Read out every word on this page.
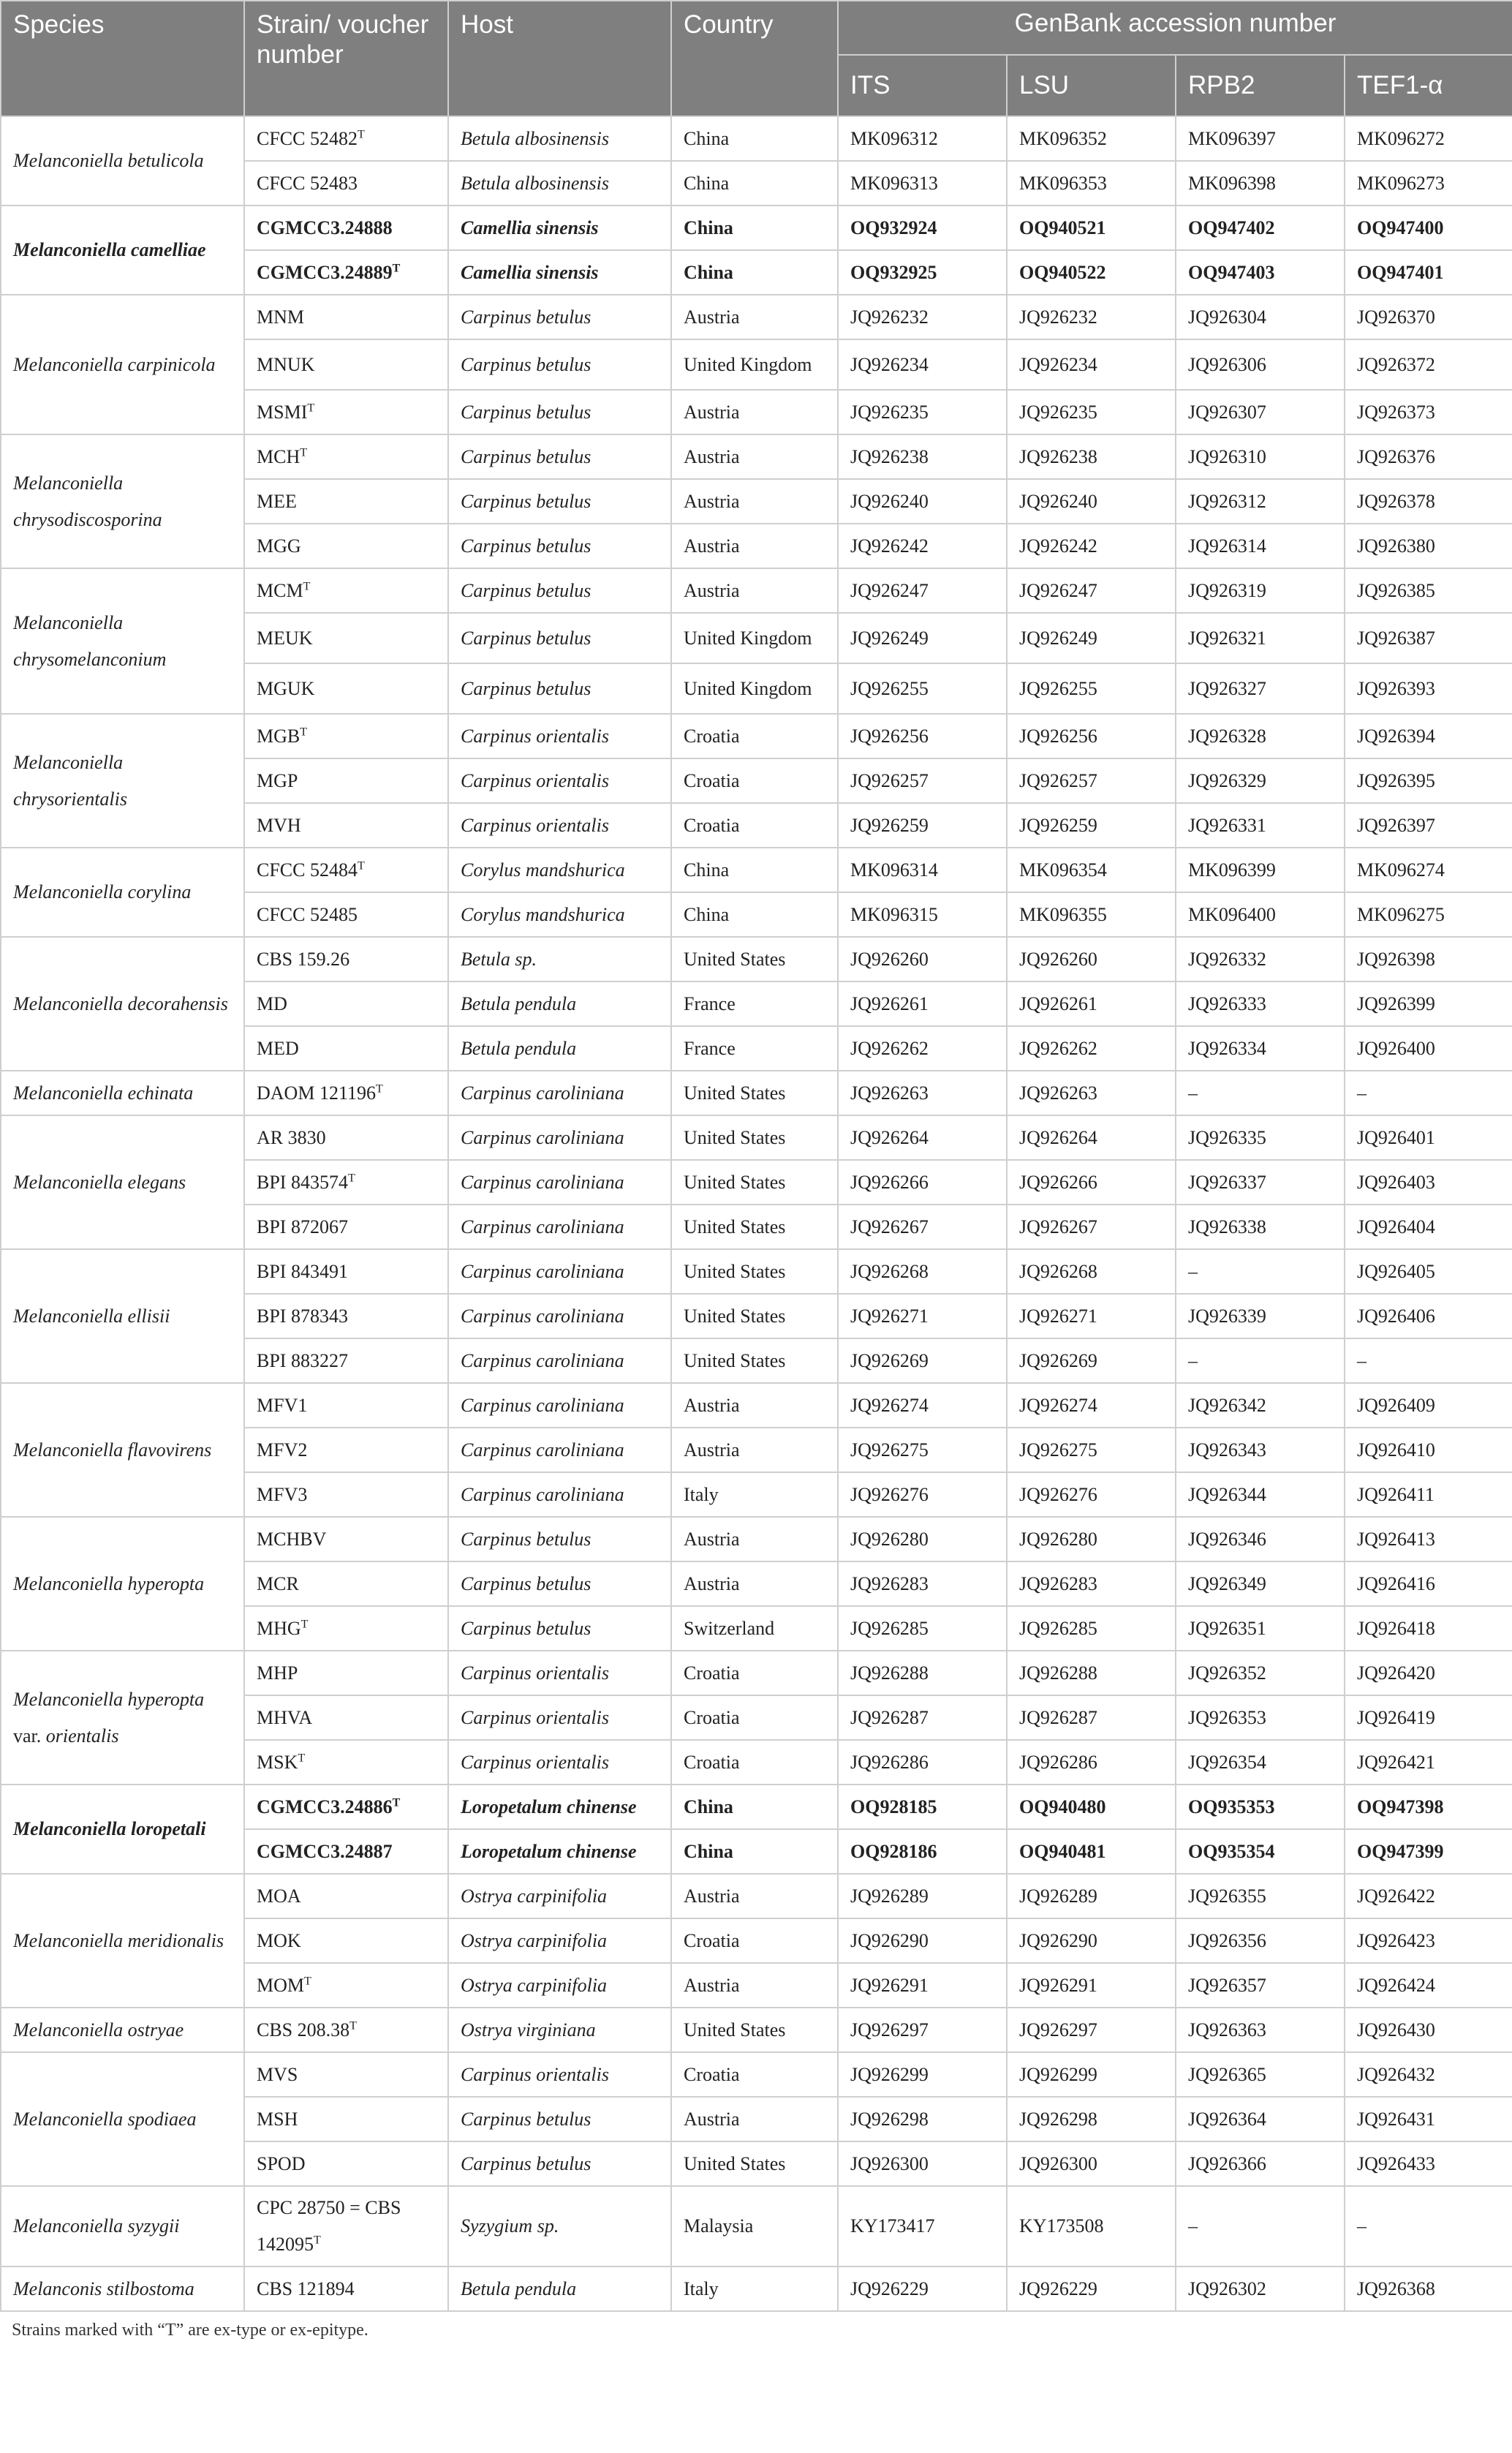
Species	Strain/ voucher number	Host	Country	GenBank accession number			
				ITS	LSU	RPB2	TEF1-α
Melanconiella betulicola	CFCC $52482^T$	Betula albosinensis	China	MK096312	MK096352	MK096397	MK096272
	CFCC 52483	Betula albosinensis	China	MK096313	MK096353	MK096398	MK096273
Melanconiella camelliae	CGMCC3.24888	Camellia sinensis	China	OQ932924	OQ940521	OQ947402	OQ947400
	$CGMCC3.24889^T$	Camellia sinensis	China	OQ932925	OQ940522	OQ947403	OQ947401
Melanconiella carpinicola	MNM	Carpinus betulus	Austria	JQ926232	JQ926232	JQ926304	JQ926370
	MNUK	Carpinus betulus	United Kingdom	JQ926234	JQ926234	JQ926306	JQ926372
	$MSMI^T$	Carpinus betulus	Austria	JQ926235	JQ926235	JQ926307	JQ926373
Melanconiella chrysodiscosporina	$MCH^T$	Carpinus betulus	Austria	JQ926238	JQ926238	JQ926310	JQ926376
	MEE	Carpinus betulus	Austria	JQ926240	JQ926240	JQ926312	JQ926378
	MGG	Carpinus betulus	Austria	JQ926242	JQ926242	JQ926314	JQ926380
Melanconiella chrysomelanconium	$MCM^T$	Carpinus betulus	Austria	JQ926247	JQ926247	JQ926319	JQ926385
	MEUK	Carpinus betulus	United Kingdom	JQ926249	JQ926249	JQ926321	JQ926387
	MGUK	Carpinus betulus	United Kingdom	JQ926255	JQ926255	JQ926327	JQ926393
Melanconiella chrysorientalis	$MGB^T$	Carpinus orientalis	Croatia	JQ926256	JQ926256	JQ926328	JQ926394
	MGP	Carpinus orientalis	Croatia	JQ926257	JQ926257	JQ926329	JQ926395
	MVH	Carpinus orientalis	Croatia	JQ926259	JQ926259	JQ926331	JQ926397
Melanconiella corylina	CFCC $52484^T$	Corylus mandshurica	China	MK096314	MK096354	MK096399	MK096274
	CFCC 52485	Corylus mandshurica	China	MK096315	MK096355	MK096400	MK096275
Melanconiella decorahensis	CBS 159.26	Betula sp.	United States	JQ926260	JQ926260	JQ926332	JQ926398
	MD	Betula pendula	France	JQ926261	JQ926261	JQ926333	JQ926399
	MED	Betula pendula	France	JQ926262	JQ926262	JQ926334	JQ926400
Melanconiella echinata	DAOM $121196^T$	Carpinus caroliniana	United States	JQ926263	JQ926263	–	–
Melanconiella elegans	AR 3830	Carpinus caroliniana	United States	JQ926264	JQ926264	JQ926335	JQ926401
	BPI $843574^T$	Carpinus caroliniana	United States	JQ926266	JQ926266	JQ926337	JQ926403
	BPI 872067	Carpinus caroliniana	United States	JQ926267	JQ926267	JQ926338	JQ926404
Melanconiella ellisii	BPI 843491	Carpinus caroliniana	United States	JQ926268	JQ926268	–	JQ926405
	BPI 878343	Carpinus caroliniana	United States	JQ926271	JQ926271	JQ926339	JQ926406
	BPI 883227	Carpinus caroliniana	United States	JQ926269	JQ926269	–	–
Melanconiella flavovirens	MFV1	Carpinus caroliniana	Austria	JQ926274	JQ926274	JQ926342	JQ926409
	MFV2	Carpinus caroliniana	Austria	JQ926275	JQ926275	JQ926343	JQ926410
	MFV3	Carpinus caroliniana	Italy	JQ926276	JQ926276	JQ926344	JQ926411
Melanconiella hyperopta	MCHBV	Carpinus betulus	Austria	JQ926280	JQ926280	JQ926346	JQ926413
	MCR	Carpinus betulus	Austria	JQ926283	JQ926283	JQ926349	JQ926416
	$MHG^T$	Carpinus betulus	Switzerland	JQ926285	JQ926285	JQ926351	JQ926418
Melanconiella hyperopta var. orientalis	MHP	Carpinus orientalis	Croatia	JQ926288	JQ926288	JQ926352	JQ926420
	MHVA	Carpinus orientalis	Croatia	JQ926287	JQ926287	JQ926353	JQ926419
	$MSK^T$	Carpinus orientalis	Croatia	JQ926286	JQ926286	JQ926354	JQ926421
Melanconiella loropetali	$CGMCC3.24886^T$	Loropetalum chinense	China	OQ928185	OQ940480	OQ935353	OQ947398
	CGMCC3.24887	Loropetalum chinense	China	OQ928186	OQ940481	OQ935354	OQ947399
Melanconiella meridionalis	MOA	Ostrya carpinifolia	Austria	JQ926289	JQ926289	JQ926355	JQ926422
	MOK	Ostrya carpinifolia	Croatia	JQ926290	JQ926290	JQ926356	JQ926423
	$MOM^T$	Ostrya carpinifolia	Austria	JQ926291	JQ926291	JQ926357	JQ926424
Melanconiella ostryae	CBS $208.38^T$	Ostrya virginiana	United States	JQ926297	JQ926297	JQ926363	JQ926430
Melanconiella spodiaea	MVS	Carpinus orientalis	Croatia	JQ926299	JQ926299	JQ926365	JQ926432
	MSH	Carpinus betulus	Austria	JQ926298	JQ926298	JQ926364	JQ926431
	SPOD	Carpinus betulus	United States	JQ926300	JQ926300	JQ926366	JQ926433
Melanconiella syzygii	CPC 28750 = CBS $142095^T$	Syzygium sp.	Malaysia	KY173417	KY173508	–	–
Melanconis stilbostoma	CBS 121894	Betula pendula	Italy	JQ926229	JQ926229	JQ926302	JQ926368
Strains marked with “T” are ex-type or ex-epitype.
